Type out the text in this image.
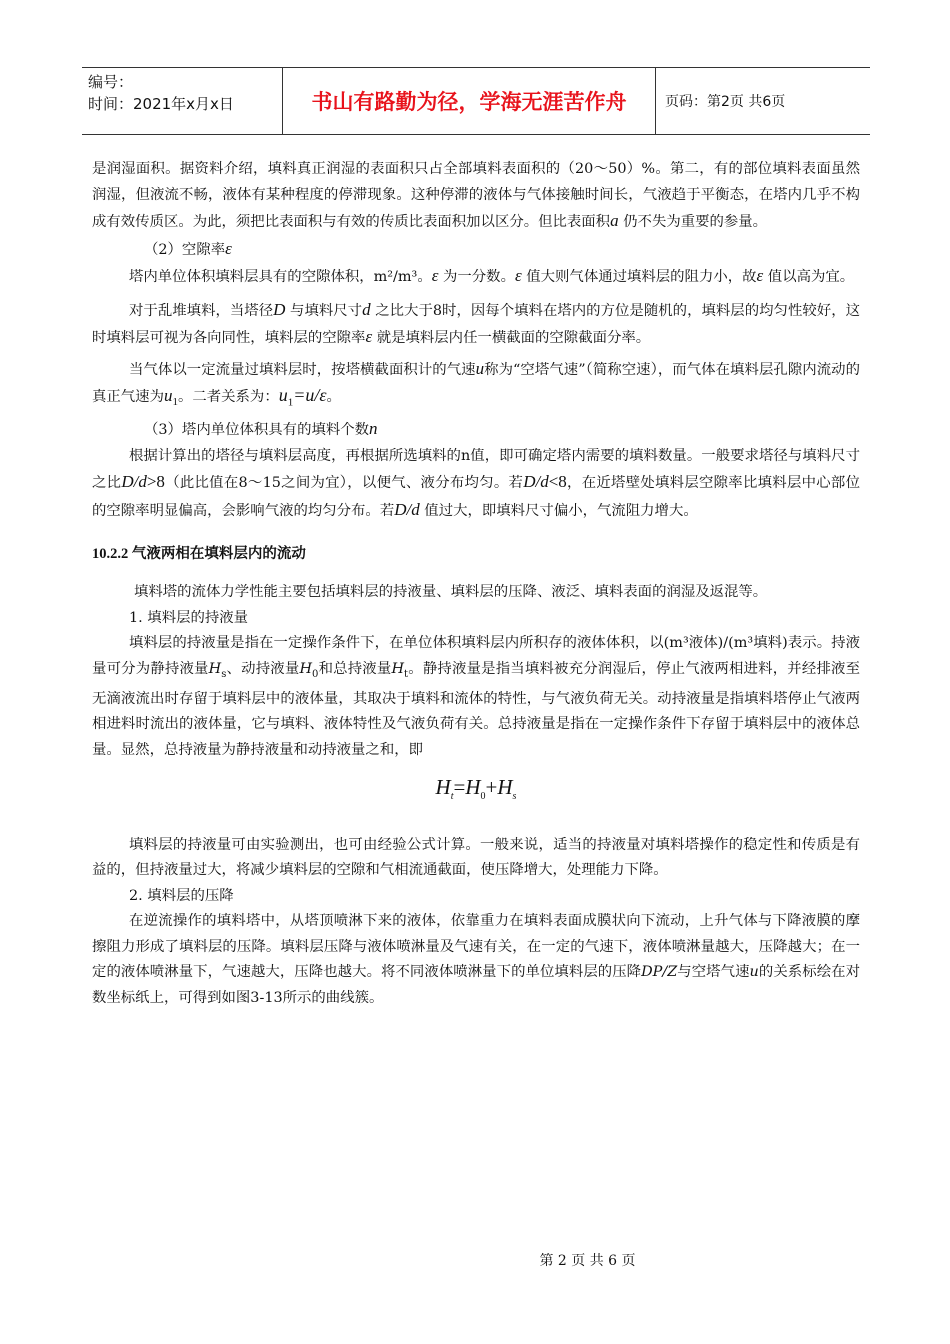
编号：
时间：2021年x月x日	书山有路勤为径，学海无涯苦作舟	页码：第2页 共6页

是润湿面积。据资料介绍，填料真正润湿的表面积只占全部填料表面积的（20～50）%。第二，有的部位填料表面虽然润湿，但液流不畅，液体有某种程度的停滞现象。这种停滞的液体与气体接触时间长，气液趋于平衡态，在塔内几乎不构成有效传质区。为此，须把比表面积与有效的传质比表面积加以区分。但比表面积a 仍不失为重要的参量。

（2）空隙率ε

塔内单位体积填料层具有的空隙体积，m²/m³。ε 为一分数。ε 值大则气体通过填料层的阻力小，故ε 值以高为宜。

对于乱堆填料，当塔径D 与填料尺寸d 之比大于8时，因每个填料在塔内的方位是随机的，填料层的均匀性较好，这时填料层可视为各向同性，填料层的空隙率ε 就是填料层内任一横截面的空隙截面分率。

当气体以一定流量过填料层时，按塔横截面积计的气速u称为“空塔气速”（简称空速），而气体在填料层孔隙内流动的真正气速为$u_1$。二者关系为：$u_1=u/\varepsilon$。

（3）塔内单位体积具有的填料个数n

根据计算出的塔径与填料层高度，再根据所选填料的n值，即可确定塔内需要的填料数量。一般要求塔径与填料尺寸之比D/d>8（此比值在8～15之间为宜），以便气、液分布均匀。若D/d<8，在近塔壁处填料层空隙率比填料层中心部位的空隙率明显偏高，会影响气液的均匀分布。若D/d 值过大，即填料尺寸偏小，气流阻力增大。

10.2.2 气液两相在填料层内的流动

填料塔的流体力学性能主要包括填料层的持液量、填料层的压降、液泛、填料表面的润湿及返混等。

1. 填料层的持液量

填料层的持液量是指在一定操作条件下，在单位体积填料层内所积存的液体体积，以(m³液体)/(m³填料)表示。持液量可分为静持液量$H_s$、动持液量$H_0$和总持液量$H_t$。静持液量是指当填料被充分润湿后，停止气液两相进料，并经排液至无滴液流出时存留于填料层中的液体量，其取决于填料和流体的特性，与气液负荷无关。动持液量是指填料塔停止气液两相进料时流出的液体量，它与填料、液体特性及气液负荷有关。总持液量是指在一定操作条件下存留于填料层中的液体总量。显然，总持液量为静持液量和动持液量之和，即

$H_t=H_0+H_s$

填料层的持液量可由实验测出，也可由经验公式计算。一般来说，适当的持液量对填料塔操作的稳定性和传质是有益的，但持液量过大，将减少填料层的空隙和气相流通截面，使压降增大，处理能力下降。

2. 填料层的压降

在逆流操作的填料塔中，从塔顶喷淋下来的液体，依靠重力在填料表面成膜状向下流动，上升气体与下降液膜的摩擦阻力形成了填料层的压降。填料层压降与液体喷淋量及气速有关，在一定的气速下，液体喷淋量越大，压降越大；在一定的液体喷淋量下，气速越大，压降也越大。将不同液体喷淋量下的单位填料层的压降DP/Z与空塔气速u的关系标绘在对数坐标纸上，可得到如图3-13所示的曲线簇。

第 2 页 共 6 页
